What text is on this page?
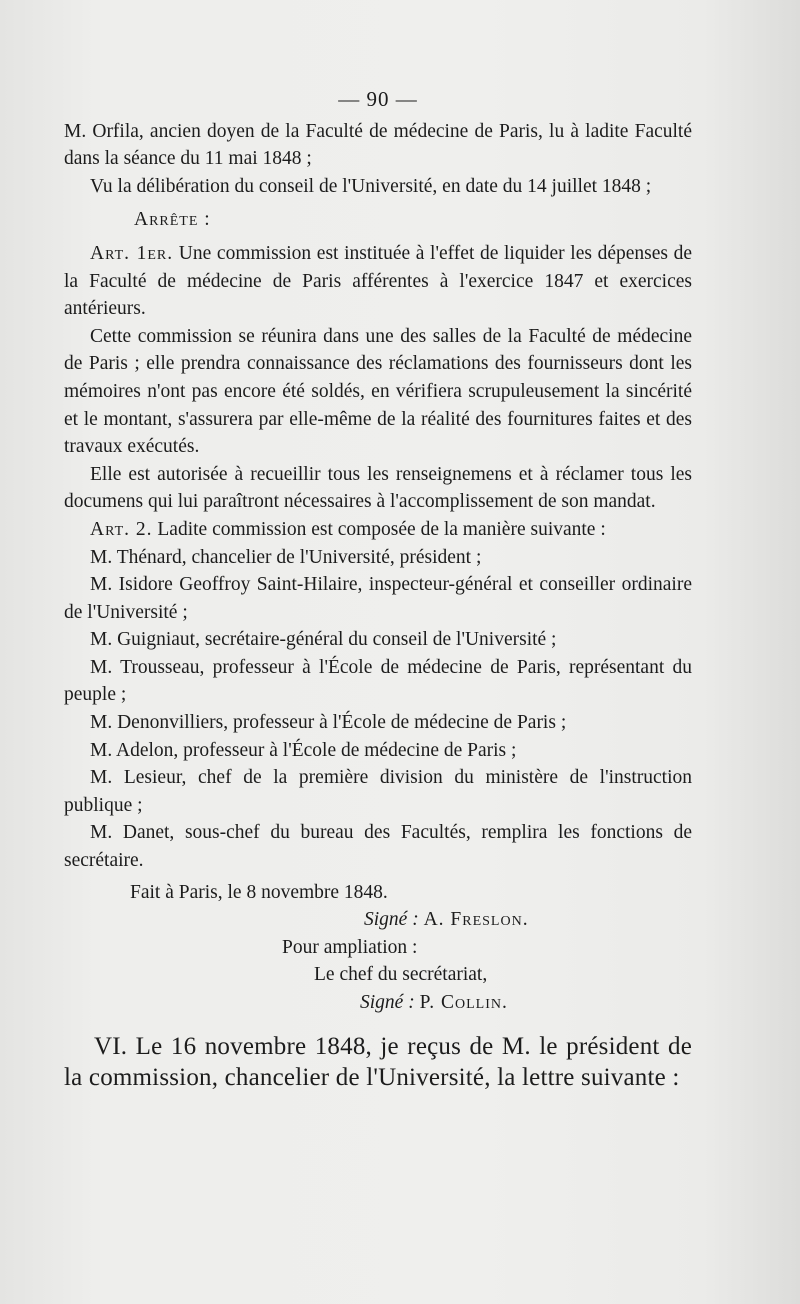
— 90 —

M. Orfila, ancien doyen de la Faculté de médecine de Paris, lu à ladite Faculté dans la séance du 11 mai 1848 ;

Vu la délibération du conseil de l'Université, en date du 14 juillet 1848 ;

Arrête :

Art. 1er. Une commission est instituée à l'effet de liquider les dépenses de la Faculté de médecine de Paris afférentes à l'exercice 1847 et exercices antérieurs.

Cette commission se réunira dans une des salles de la Faculté de médecine de Paris ; elle prendra connaissance des réclamations des fournisseurs dont les mémoires n'ont pas encore été soldés, en vérifiera scrupuleusement la sincérité et le montant, s'assurera par elle-même de la réalité des fournitures faites et des travaux exécutés.

Elle est autorisée à recueillir tous les renseignemens et à réclamer tous les documens qui lui paraîtront nécessaires à l'accomplissement de son mandat.

Art. 2. Ladite commission est composée de la manière suivante :

M. Thénard, chancelier de l'Université, président ;

M. Isidore Geoffroy Saint-Hilaire, inspecteur-général et conseiller ordinaire de l'Université ;

M. Guigniaut, secrétaire-général du conseil de l'Université ;

M. Trousseau, professeur à l'École de médecine de Paris, représentant du peuple ;

M. Denonvilliers, professeur à l'École de médecine de Paris ;

M. Adelon, professeur à l'École de médecine de Paris ;

M. Lesieur, chef de la première division du ministère de l'instruction publique ;

M. Danet, sous-chef du bureau des Facultés, remplira les fonctions de secrétaire.

Fait à Paris, le 8 novembre 1848.

Signé : A. Freslon.

Pour ampliation :

Le chef du secrétariat,

Signé : P. Collin.

VI. Le 16 novembre 1848, je reçus de M. le président de la commission, chancelier de l'Université, la lettre suivante :
